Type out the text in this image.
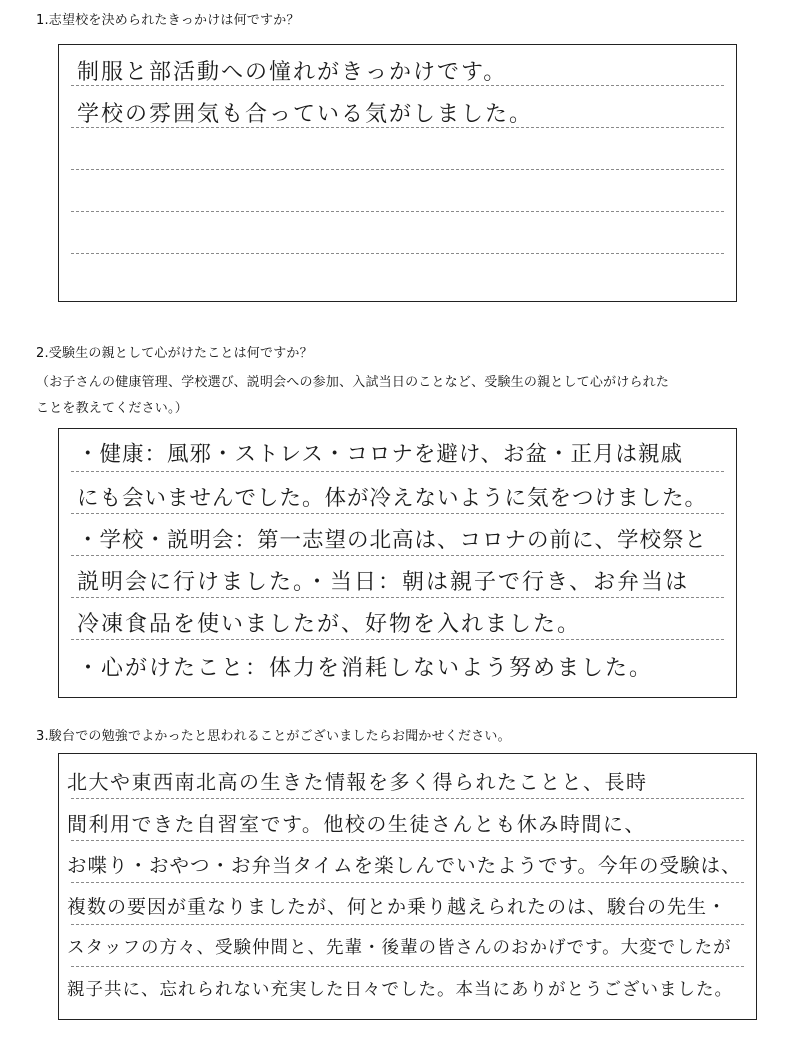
1.志望校を決められたきっかけは何ですか？
制服と部活動への憧れがきっかけです。
学校の雰囲気も合っている気がしました。
2.受験生の親として心がけたことは何ですか？
（お子さんの健康管理、学校選び、説明会への参加、入試当日のことなど、受験生の親として心がけられた
ことを教えてください。）
・健康：風邪・ストレス・コロナを避け、お盆・正月は親戚
にも会いませんでした。体が冷えないように気をつけました。
・学校・説明会：第一志望の北高は、コロナの前に、学校祭と
説明会に行けました。・当日：朝は親子で行き、お弁当は
冷凍食品を使いましたが、好物を入れました。
・心がけたこと：体力を消耗しないよう努めました。
3.駿台での勉強でよかったと思われることがございましたらお聞かせください。
北大や東西南北高の生きた情報を多く得られたことと、長時
間利用できた自習室です。他校の生徒さんとも休み時間に、
お喋り・おやつ・お弁当タイムを楽しんでいたようです。今年の受験は、
複数の要因が重なりましたが、何とか乗り越えられたのは、駿台の先生・
スタッフの方々、受験仲間と、先輩・後輩の皆さんのおかげです。大変でしたが
親子共に、忘れられない充実した日々でした。本当にありがとうございました。
